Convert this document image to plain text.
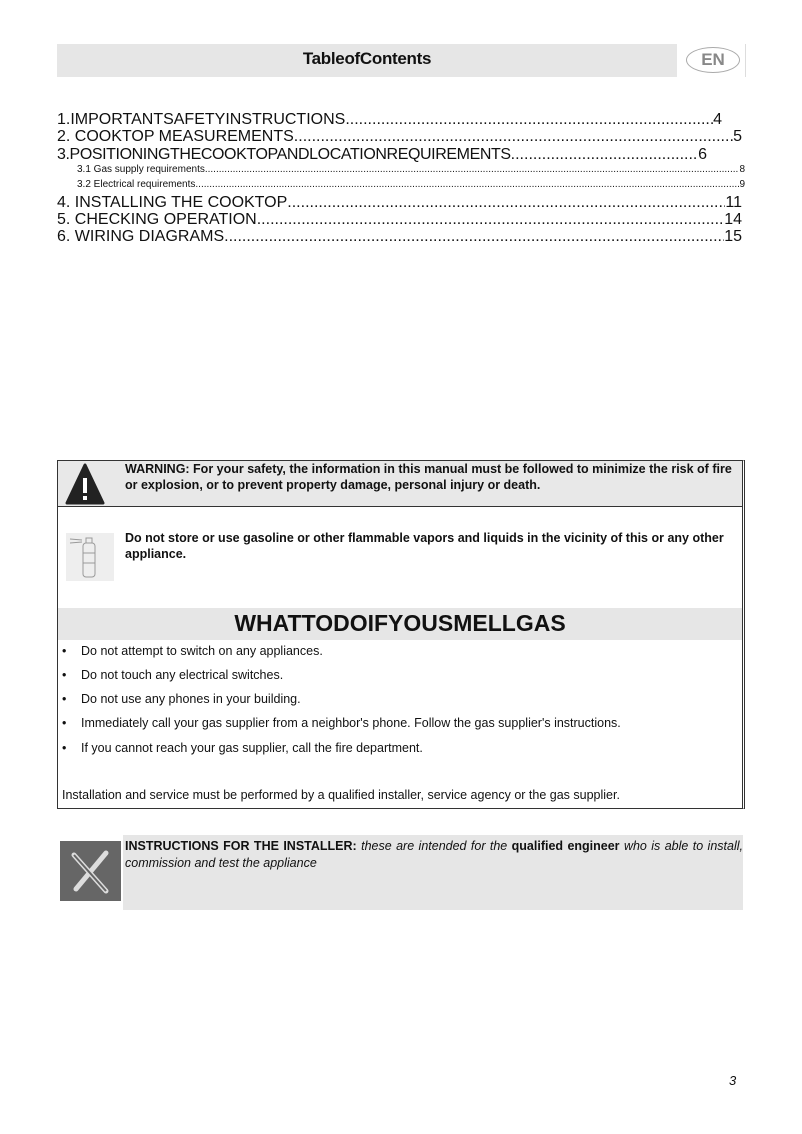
TableofContents	EN
1.IMPORTANTSAFETYINSTRUCTIONS .....	4
2. COOKTOP MEASUREMENTS .....	5
3.POSITIONINGTHECOOKTOPANDLOCATIONREQUIREMENTS .....	6
3.1 Gas supply requirements .....	8
3.2 Electrical requirements .....	9
4. INSTALLING THE COOKTOP .....	11
5. CHECKING OPERATION .....	14
6. WIRING DIAGRAMS .....	15
WARNING: For your safety, the information in this manual must be followed to minimize the risk of fire or explosion, or to prevent property damage, personal injury or death.
Do not store or use gasoline or other flammable vapors and liquids in the vicinity of this or any other appliance.
WHATTODOIFYOUSMELLGAS
• Do not attempt to switch on any appliances.
• Do not touch any electrical switches.
• Do not use any phones in your building.
• Immediately call your gas supplier from a neighbor's phone. Follow the gas supplier's instructions.
• If you cannot reach your gas supplier, call the fire department.
Installation and service must be performed by a qualified installer, service agency or the gas supplier.
INSTRUCTIONS FOR THE INSTALLER: these are intended for the qualified engineer who is able to install, commission and test the appliance
3
